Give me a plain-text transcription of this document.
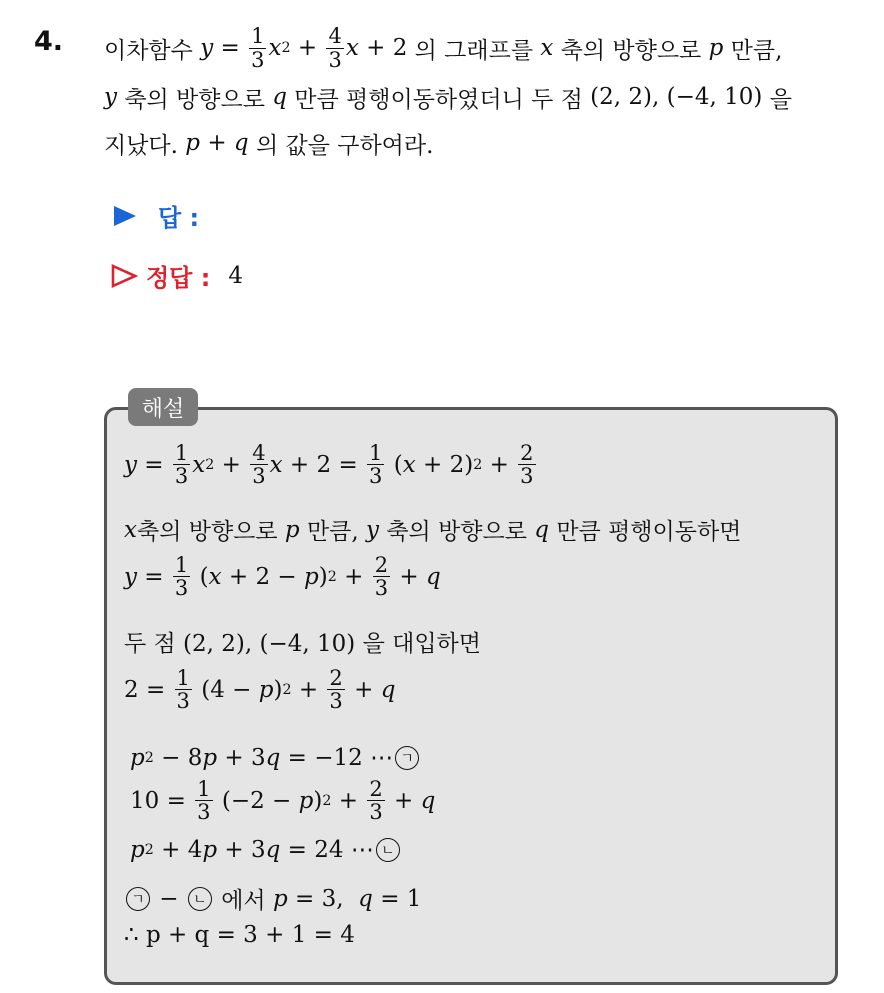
4. 이차함수
$y = \frac{1}{3}$ x $2 + \frac{4}{3}$ x + 2 의 그래프를
x
축의 방향으로
p
만큼,
y
축의 방향으로
q
만큼 평행이동하였더니 두 점
(2, 2), (−4, 10)
을
지났다.
p + q
의 값을 구하여라.
답 :
정답 : 4
해설
$y = \frac{1}{3}$ x $2 + \frac{4}{3}$ $x + 2 = \frac{1}{3}$ ( x + 2) $2 + \frac{2}{3}$
x 축의 방향으로
p
만큼,
y
축의 방향으로
q
만큼 평행이동하면
$y = \frac{1}{3}$ ( x + 2 − p ) $2 + \frac{2}{3} + q$
두 점 (2, 2), (−4, 10) 을 대입하면
$2 = \frac{1}{3} (4 - p$ ) $2 + \frac{2}{3} + q$
p 2 − 8 p + 3 q
= −12 ⋯ ㄱ
$10 = \frac{1}{3} (-2 - p$ ) $2 + \frac{2}{3} + q$
p 2 + 4 p + 3 q
= 24 ⋯ ㄴ
ㄱ − ㄴ
에서
p = 3, q = 1
∴ p + q = 3 + 1 = 4
